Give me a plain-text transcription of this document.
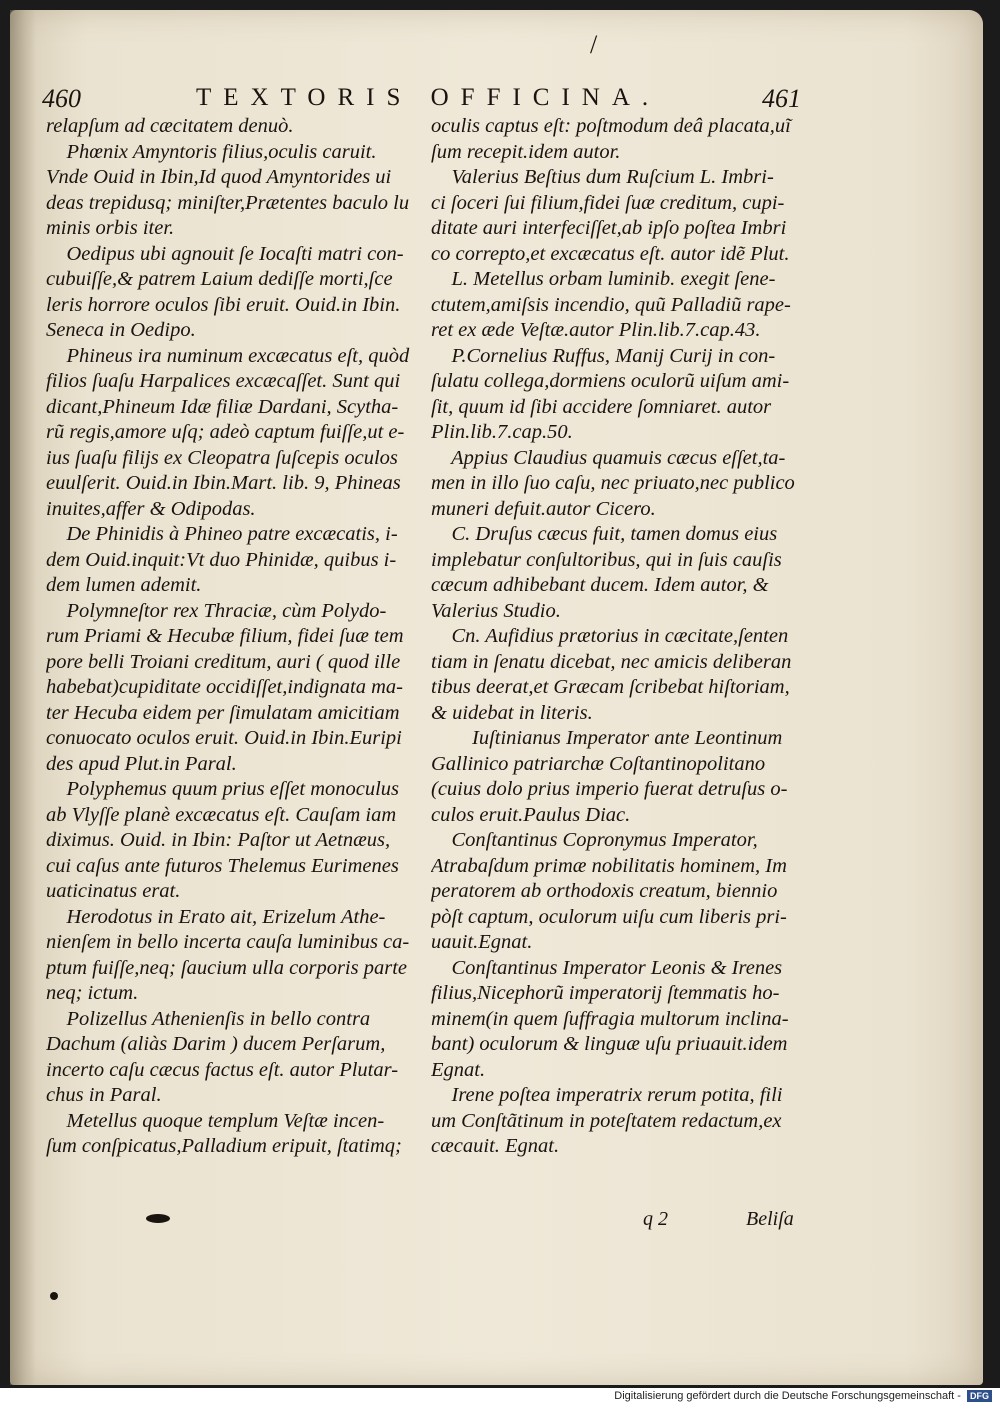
/
460	TEXTORIS OFFICINA.	461
relapſum ad cæcitatem denuò.
Phœnix Amyntoris filius,oculis caruit.
Vnde Ouid in Ibin,Id quod Amyntorides ui
deas trepidusq; miniſter,Prætentes baculo lu
minis orbis iter.
Oedipus ubi agnouit ſe Iocaſti matri con-
cubuiſſe,& patrem Laium dediſſe morti,ſce
leris horrore oculos ſibi eruit. Ouid.in Ibin.
Seneca in Oedipo.
Phineus ira numinum excæcatus eſt, quòd
filios ſuaſu Harpalices excæcaſſet. Sunt qui
dicant,Phineum Idæ filiæ Dardani, Scytha-
rũ regis,amore uſq; adeò captum fuiſſe,ut e-
ius ſuaſu filijs ex Cleopatra ſuſcepis oculos
euulſerit. Ouid.in Ibin.Mart. lib. 9, Phineas
inuites,affer & Odipodas.
De Phinidis à Phineo patre excæcatis, i-
dem Ouid.inquit:Vt duo Phinidæ, quibus i-
dem lumen ademit.
Polymneſtor rex Thraciæ, cùm Polydo-
rum Priami & Hecubæ filium, fidei ſuæ tem
pore belli Troiani creditum, auri ( quod ille
habebat)cupiditate occidiſſet,indignata ma-
ter Hecuba eidem per ſimulatam amicitiam
conuocato oculos eruit. Ouid.in Ibin.Euripi
des apud Plut.in Paral.
Polyphemus quum prius eſſet monoculus
ab Vlyſſe planè excæcatus eſt. Cauſam iam
diximus. Ouid. in Ibin: Paſtor ut Aetnæus,
cui caſus ante futuros Thelemus Eurimenes
uaticinatus erat.
Herodotus in Erato ait, Erizelum Athe-
nienſem in bello incerta cauſa luminibus ca-
ptum fuiſſe,neq; ſaucium ulla corporis parte
neq; ictum.
Polizellus Athenienſis in bello contra
Dachum (aliàs Darim ) ducem Perſarum,
incerto caſu cæcus factus eſt. autor Plutar-
chus in Paral.
Metellus quoque templum Veſtæ incen-
ſum conſpicatus,Palladium eripuit, ſtatimq;
oculis captus eſt: poſtmodum deâ placata,uĩ
ſum recepit.idem autor.
Valerius Beſtius dum Ruſcium L. Imbri-
ci ſoceri ſui filium,fidei ſuæ creditum, cupi-
ditate auri interfeciſſet,ab ipſo poſtea Imbri
co correpto,et excæcatus eſt. autor idẽ Plut.
L. Metellus orbam luminib. exegit ſene-
ctutem,amiſsis incendio, quũ Palladiũ rape-
ret ex æde Veſtæ.autor Plin.lib.7.cap.43.
P.Cornelius Ruffus, Manij Curij in con-
ſulatu collega,dormiens oculorũ uiſum ami-
ſit, quum id ſibi accidere ſomniaret. autor
Plin.lib.7.cap.50.
Appius Claudius quamuis cæcus eſſet,ta-
men in illo ſuo caſu, nec priuato,nec publico
muneri defuit.autor Cicero.
C. Druſus cæcus fuit, tamen domus eius
implebatur conſultoribus, qui in ſuis cauſis
cæcum adhibebant ducem. Idem autor, &
Valerius Studio.
Cn. Aufidius prætorius in cæcitate,ſenten
tiam in ſenatu dicebat, nec amicis deliberan
tibus deerat,et Græcam ſcribebat hiſtoriam,
& uidebat in literis.
Iuſtinianus Imperator ante Leontinum
Gallinico patriarchæ Coſtantinopolitano
(cuius dolo prius imperio fuerat detruſus o-
culos eruit.Paulus Diac.
Conſtantinus Copronymus Imperator,
Atrabaſdum primæ nobilitatis hominem, Im
peratorem ab orthodoxis creatum, biennio
pòſt captum, oculorum uiſu cum liberis pri-
uauit.Egnat.
Conſtantinus Imperator Leonis & Irenes
filius,Nicephorũ imperatorij ſtemmatis ho-
minem(in quem ſuffragia multorum inclina-
bant) oculorum & linguæ uſu priuauit.idem
Egnat.
Irene poſtea imperatrix rerum potita, fili
um Conſtãtinum in poteſtatem redactum,ex
cæcauit. Egnat.
q 2	Beliſa
Digitalisierung gefördert durch die Deutsche Forschungsgemeinschaft - DFG
